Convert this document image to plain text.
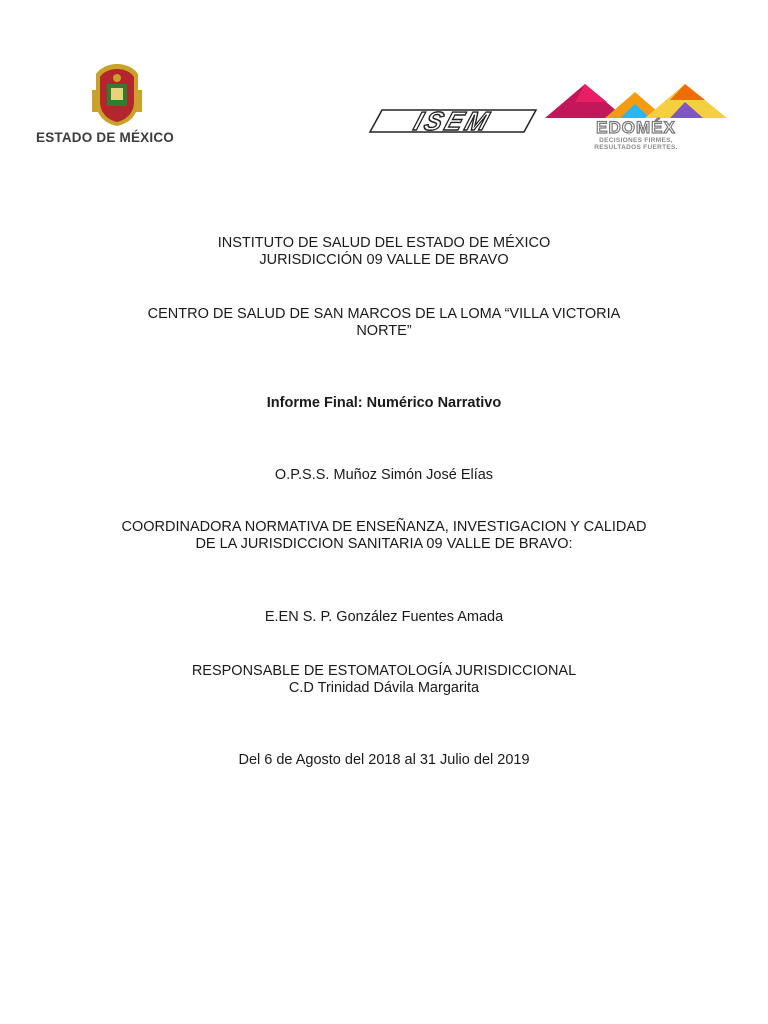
ESTADO DE MÉXICO
ISEM	EDOMÉX
DECISIONES FIRMES,
RESULTADOS FUERTES.

INSTITUTO DE SALUD DEL ESTADO DE MÉXICO

JURISDICCIÓN 09 VALLE DE BRAVO

CENTRO DE SALUD DE SAN MARCOS DE LA LOMA “VILLA VICTORIA

NORTE”

Informe Final: Numérico Narrativo

O.P.S.S. Muñoz Simón José Elías

COORDINADORA NORMATIVA DE ENSEÑANZA, INVESTIGACION Y CALIDAD

DE LA JURISDICCION SANITARIA 09 VALLE DE BRAVO:

E.EN S. P. González Fuentes Amada

RESPONSABLE DE ESTOMATOLOGÍA JURISDICCIONAL

C.D Trinidad Dávila Margarita

Del 6 de Agosto del 2018 al 31 Julio del 2019
